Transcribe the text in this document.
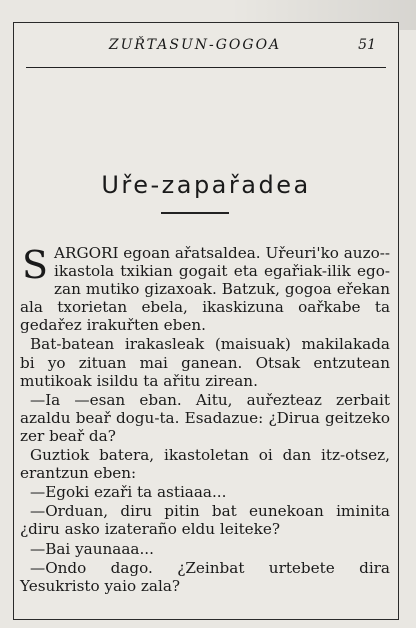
ZUŘTASUN-GOGOA	51
Uře-zapařadea

SARGORI egoan ařatsaldea. Uřeuri'ko auzo--ikastola txikian gogait eta egařiak-ilik ego-zan mutiko gizaxoak. Batzuk, gogoa eřekan ala txorietan ebela, ikaskizuna oařkabe ta gedařez irakuřten eben.

Bat-batean irakasleak (maisuak) makilakada bi yo zituan mai ganean. Otsak entzutean mutikoak isildu ta ařitu zirean.

—Ia —esan eban. Aitu, auřezteaz zerbait azaldu beař dogu-ta. Esadazue: ¿Dirua geitzeko zer beař da?

Guztiok batera, ikastoletan oi dan itz-otsez, erantzun eben:

—Egoki ezaři ta astiaaa...

—Orduan, diru pitin bat eunekoan iminita ¿diru asko izateraño eldu leiteke?

—Bai yaunaaa...

—Ondo dago. ¿Zeinbat urtebete dira Yesukristo yaio zala?
